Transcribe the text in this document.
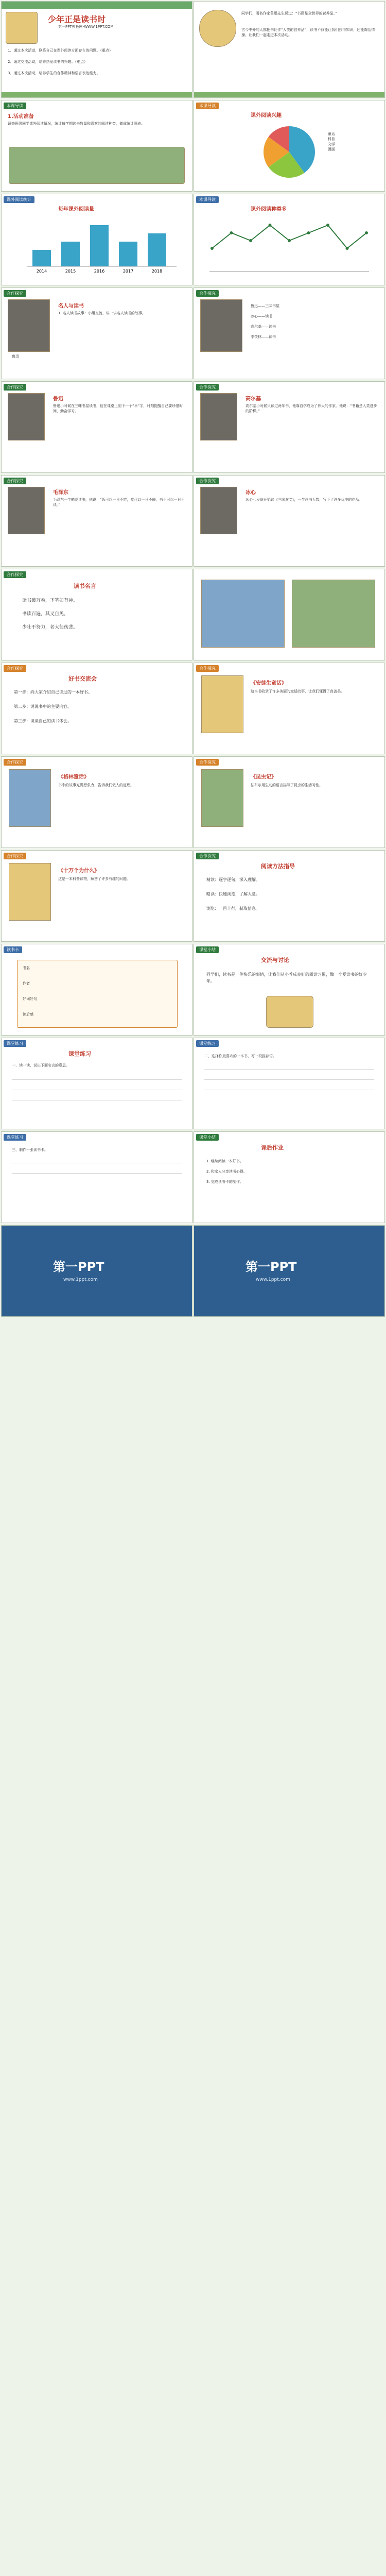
少年正是读书时
第一PPT模板网-WWW.1PPT.COM
1．通过本次活动，联系自己在课外阅读方面存在的问题。（重点）
2．通过交流活动，培养热爱读书的兴趣。（难点）
3．通过本次活动，培养学生的合作精神和语言表达能力。
同学们，著名作家鲁迅先生说过：“书籍是全世界的营养品。”
古今中外的人都把书比作“人类的营养品”，读书不仅能让我们获得知识，还能陶冶情操。让我们一起走进本次活动。
本课导读
1.活动准备
调查班级同学课外阅读情况，统计每学期读书数量和喜欢的阅读种类，做成统计图表。
本课导读
课外阅读兴趣
童话
科普
文学
漫画
课外阅读统计
每年课外阅读量
2014	2015	2016	2017	2018
本课导读
课外阅读种类多
合作探究
名人与读书
1. 名人读书故事：小组交流，讲一讲名人读书的故事。
鲁迅
合作探究
鲁迅——三味书屋
冰心——读书
高尔基——读书
季羡林——读书
合作探究
鲁迅
鲁迅小时候在三味书屋读书，他在课桌上刻下一个“早”字，时刻提醒自己要珍惜时间，勤奋学习。
合作探究
高尔基
高尔基小时候只读过两年书，他靠自学成为了伟大的作家。他说：“书籍是人类进步的阶梯。”
合作探究
毛泽东
毛泽东一生酷爱读书，他说：“饭可以一日不吃，觉可以一日不睡，书不可以一日不读。”
合作探究
冰心
冰心七岁就开始读《三国演义》，一生读书无数，写下了许多优美的作品。
合作探究
读书名言
读书破万卷，下笔如有神。
书读百遍，其义自见。
少壮不努力，老大徒伤悲。
合作探究
好书交流会
第一步：向大家介绍自己读过的一本好书。
第二步：说说书中的主要内容。
第三步：谈谈自己的读书体会。
合作探究
《安徒生童话》
这本书收录了许多美丽的童话故事，让我们懂得了真善美。
合作探究
《格林童话》
书中的故事充满想象力，告诉我们做人的道理。
合作探究
《昆虫记》
法布尔用生动的语言描写了昆虫的生活习性。
合作探究
《十万个为什么》
这是一本科普读物，解答了许多有趣的问题。
合作探究
阅读方法指导
精读：逐字逐句，深入理解。
略读：快速浏览，了解大意。
浏览：一目十行，获取信息。
读书卡
书名
作者
好词好句
读后感
课堂小结
交流与讨论
同学们，读书是一件快乐的事情，让我们从小养成良好的阅读习惯，做一个爱读书的好少年。
课堂练习
课堂练习
一、读一读，说出下面名言的意思。
课堂练习
二、选择你最喜欢的一本书，写一段推荐语。
课堂练习
三、制作一张读书卡。
课堂小结
课后作业
1. 继续阅读一本好书。
2. 和家人分享读书心得。
3. 完成读书卡的制作。
第一PPT
www.1ppt.com
第一PPT
www.1ppt.com
